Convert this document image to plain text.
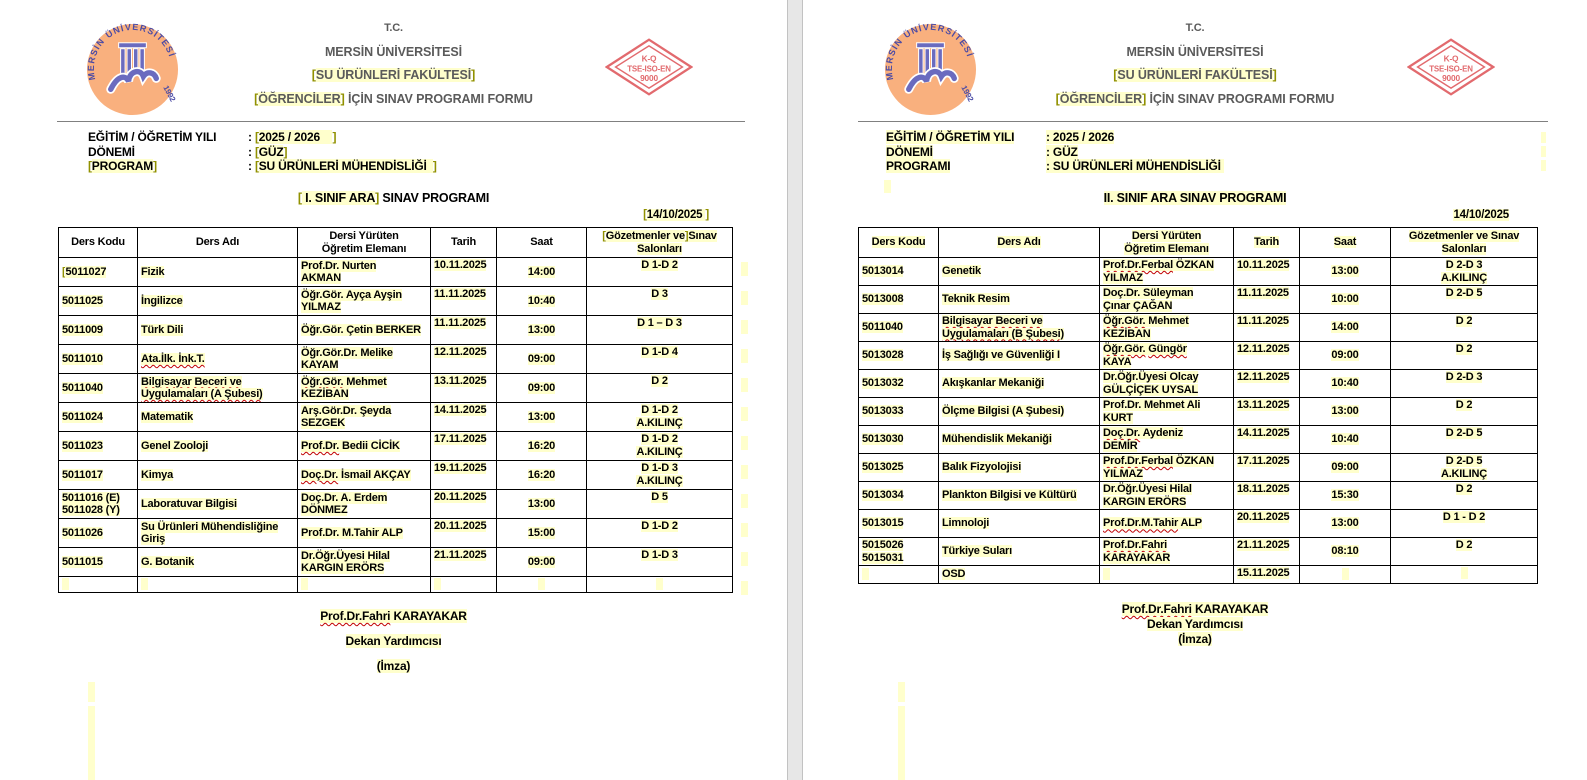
MERSİN ÜNİVERSİTESİ
1992
T.C.
MERSİN ÜNİVERSİTESİ
[SU ÜRÜNLERİ FAKÜLTESİ]
[ÖĞRENCİLER] İÇİN SINAV PROGRAMI FORMU
K-Q
TSE-ISO-EN
9000
EĞİTİM / ÖĞRETİM YILI	: [2025 / 2026    ]
DÖNEMİ	: [GÜZ]
[PROGRAM]	: [SU ÜRÜNLERİ MÜHENDİSLİĞİ  ]
[ I. SINIF ARA] SINAV PROGRAMI
[14/10/2025 ]
Ders Kodu	Ders Adı	Dersi Yürüten
Öğretim Elemanı	Tarih	Saat	[Gözetmenler ve]Sınav
Salonları
[5011027	Fizik	Prof.Dr. Nurten
AKMAN	10.11.2025	14:00	D 1-D 2
5011025	İngilizce	Öğr.Gör. Ayça Ayşin
YILMAZ	11.11.2025	10:40	D 3
5011009	Türk Dili	Öğr.Gör. Çetin BERKER	11.11.2025	13:00	D 1 – D 3
5011010	Ata.İlk. İnk.T.	Öğr.Gör.Dr. Melike
KAYAM	12.11.2025	09:00	D 1-D 4
5011040	Bilgisayar Beceri ve
Uygulamaları (A Şubesi)	Öğr.Gör. Mehmet
KEZİBAN	13.11.2025	09:00	D 2
5011024	Matematik	Arş.Gör.Dr. Şeyda
SEZGEK	14.11.2025	13:00	D 1-D 2
A.KILINÇ
5011023	Genel Zooloji	Prof.Dr. Bedii CİCİK	17.11.2025	16:20	D 1-D 2
A.KILINÇ
5011017	Kimya	Doç.Dr. İsmail AKÇAY	19.11.2025	16:20	D 1-D 3
A.KILINÇ
5011016 (E)
5011028 (Y)	Laboratuvar Bilgisi	Doç.Dr. A. Erdem
DÖNMEZ	20.11.2025	13:00	D 5
5011026	Su Ürünleri Mühendisliğine
Giriş	Prof.Dr. M.Tahir ALP	20.11.2025	15:00	D 1-D 2
5011015	G. Botanik	Dr.Öğr.Üyesi Hilal
KARGIN ERÖRS	21.11.2025	09:00	D 1-D 3

Prof.Dr.Fahri KARAYAKAR
Dekan Yardımcısı
(İmza)
MERSİN ÜNİVERSİTESİ
1992
T.C.
MERSİN ÜNİVERSİTESİ
[SU ÜRÜNLERİ FAKÜLTESİ]
[ÖĞRENCİLER] İÇİN SINAV PROGRAMI FORMU
K-Q
TSE-ISO-EN
9000
EĞİTİM / ÖĞRETİM YILI	: 2025 / 2026
DÖNEMİ	: GÜZ
PROGRAMI	: SU ÜRÜNLERİ MÜHENDİSLİĞİ
II. SINIF ARA SINAV PROGRAMI
14/10/2025
Ders Kodu	Ders Adı	Dersi Yürüten
Öğretim Elemanı	Tarih	Saat	Gözetmenler ve Sınav
Salonları
5013014	Genetik	Prof.Dr.Ferbal ÖZKAN
YILMAZ	10.11.2025	13:00	D 2-D 3
A.KILINÇ
5013008	Teknik Resim	Doç.Dr. Süleyman
Çınar ÇAĞAN	11.11.2025	10:00	D 2-D 5
5011040	Bilgisayar Beceri ve
Uygulamaları (B Şubesi)	Öğr.Gör. Mehmet
KEZİBAN	11.11.2025	14:00	D 2
5013028	İş Sağlığı ve Güvenliği I	Öğr.Gör. Güngör
KAYA	12.11.2025	09:00	D 2
5013032	Akışkanlar Mekaniği	Dr.Öğr.Üyesi Olcay
GÜLÇİÇEK UYSAL	12.11.2025	10:40	D 2-D 3
5013033	Ölçme Bilgisi (A Şubesi)	Prof.Dr. Mehmet Ali
KURT	13.11.2025	13:00	D 2
5013030	Mühendislik Mekaniği	Doç.Dr. Aydeniz
DEMİR	14.11.2025	10:40	D 2-D 5
5013025	Balık Fizyolojisi	Prof.Dr.Ferbal ÖZKAN
YILMAZ	17.11.2025	09:00	D 2-D 5
A.KILINÇ
5013034	Plankton Bilgisi ve Kültürü	Dr.Öğr.Üyesi Hilal
KARGIN ERÖRS	18.11.2025	15:30	D 2
5013015	Limnoloji	Prof.Dr.M.Tahir ALP	20.11.2025	13:00	D 1 - D 2
5015026
5015031	Türkiye Suları	Prof.Dr.Fahri
KARAYAKAR	21.11.2025	08:10	D 2
	OSD		15.11.2025		
Prof.Dr.Fahri KARAYAKAR
Dekan Yardımcısı
(İmza)
